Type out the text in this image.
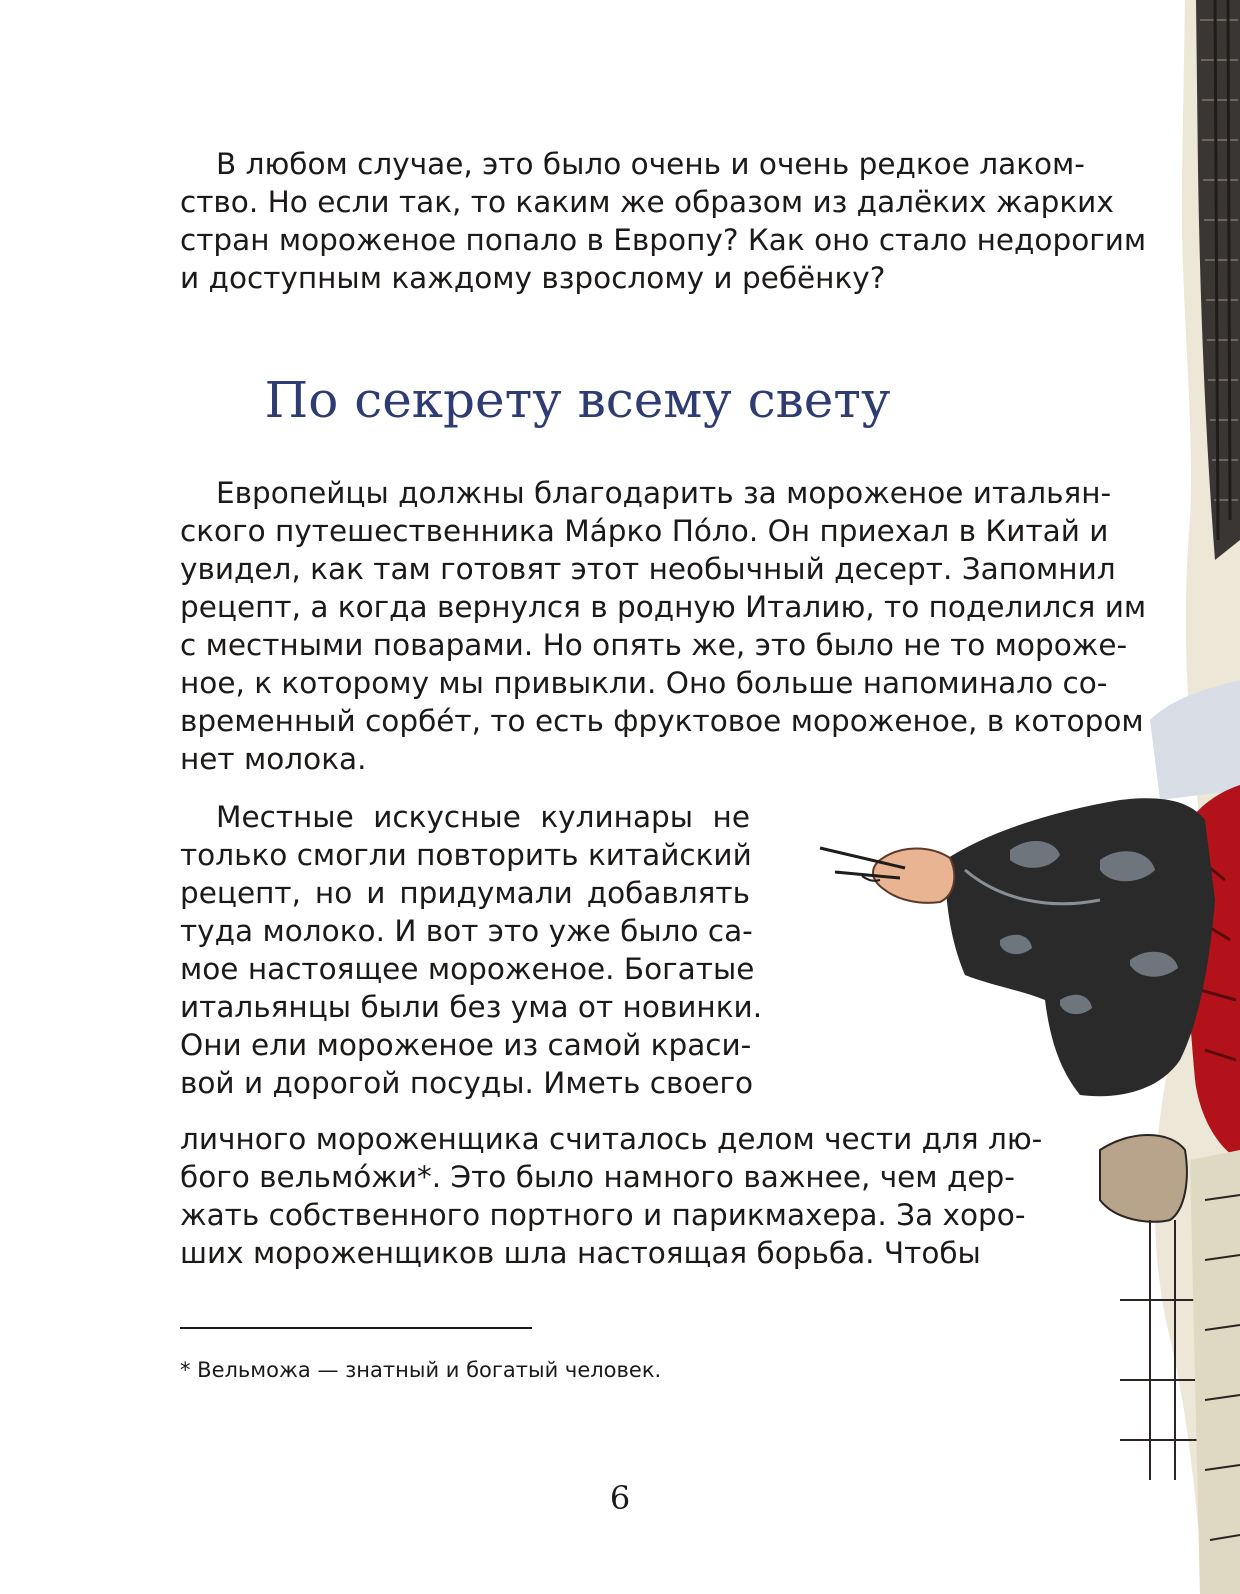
В любом случае, это было очень и очень редкое лаком-
ство. Но если так, то каким же образом из далёких жарких
стран мороженое попало в Европу? Как оно стало недорогим
и доступным каждому взрослому и ребёнку?
По секрету всему свету
Европейцы должны благодарить за мороженое итальян-
ского путешественника Ма́рко По́ло. Он приехал в Китай и
увидел, как там готовят этот необычный десерт. Запомнил
рецепт, а когда вернулся в родную Италию, то поделился им
с местными поварами. Но опять же, это было не то мороже-
ное, к которому мы привыкли. Оно больше напоминало со-
временный сорбе́т, то есть фруктовое мороженое, в котором
нет молока.
Местные искусные кулинары не
только смогли повторить китайский
рецепт, но и придумали добавлять
туда молоко. И вот это уже было са-
мое настоящее мороженое. Богатые
итальянцы были без ума от новинки.
Они ели мороженое из самой краси-
вой и дорогой посуды. Иметь своего
личного мороженщика считалось делом чести для лю-
бого вельмо́жи*. Это было намного важнее, чем дер-
жать собственного портного и парикмахера. За хоро-
ших мороженщиков шла настоящая борьба. Чтобы
* Вельможа — знатный и богатый человек.
6
